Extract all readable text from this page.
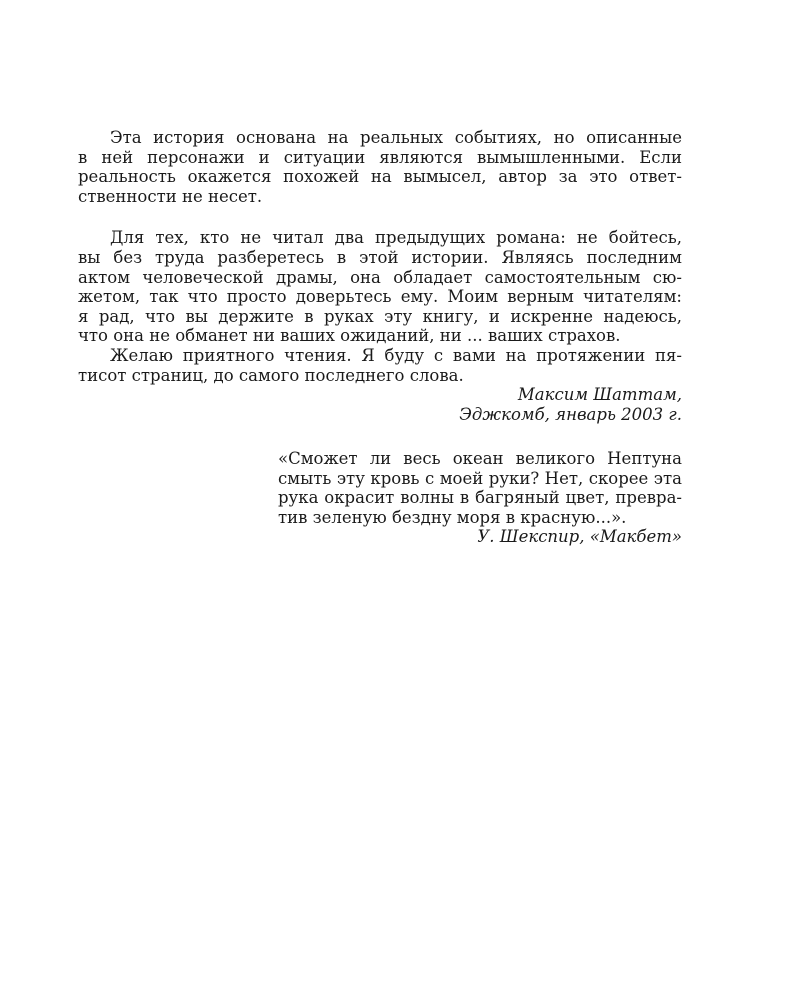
Эта история основана на реальных событиях, но описанные
в ней персонажи и ситуации являются вымышленными. Если
реальность окажется похожей на вымысел, автор за это ответ-
ственности не несет.
Для тех, кто не читал два предыдущих романа: не бойтесь,
вы без труда разберетесь в этой истории. Являясь последним
актом человеческой драмы, она обладает самостоятельным сю-
жетом, так что просто доверьтесь ему. Моим верным читателям:
я рад, что вы держите в руках эту книгу, и искренне надеюсь,
что она не обманет ни ваших ожиданий, ни ... ваших страхов.
Желаю приятного чтения. Я буду с вами на протяжении пя-
тисот страниц, до самого последнего слова.
Максим Шаттам,
Эджкомб, январь 2003 г.
«Сможет ли весь океан великого Нептуна
смыть эту кровь с моей руки? Нет, скорее эта
рука окрасит волны в багряный цвет, превра-
тив зеленую бездну моря в красную...».
У. Шекспир, «Макбет»
